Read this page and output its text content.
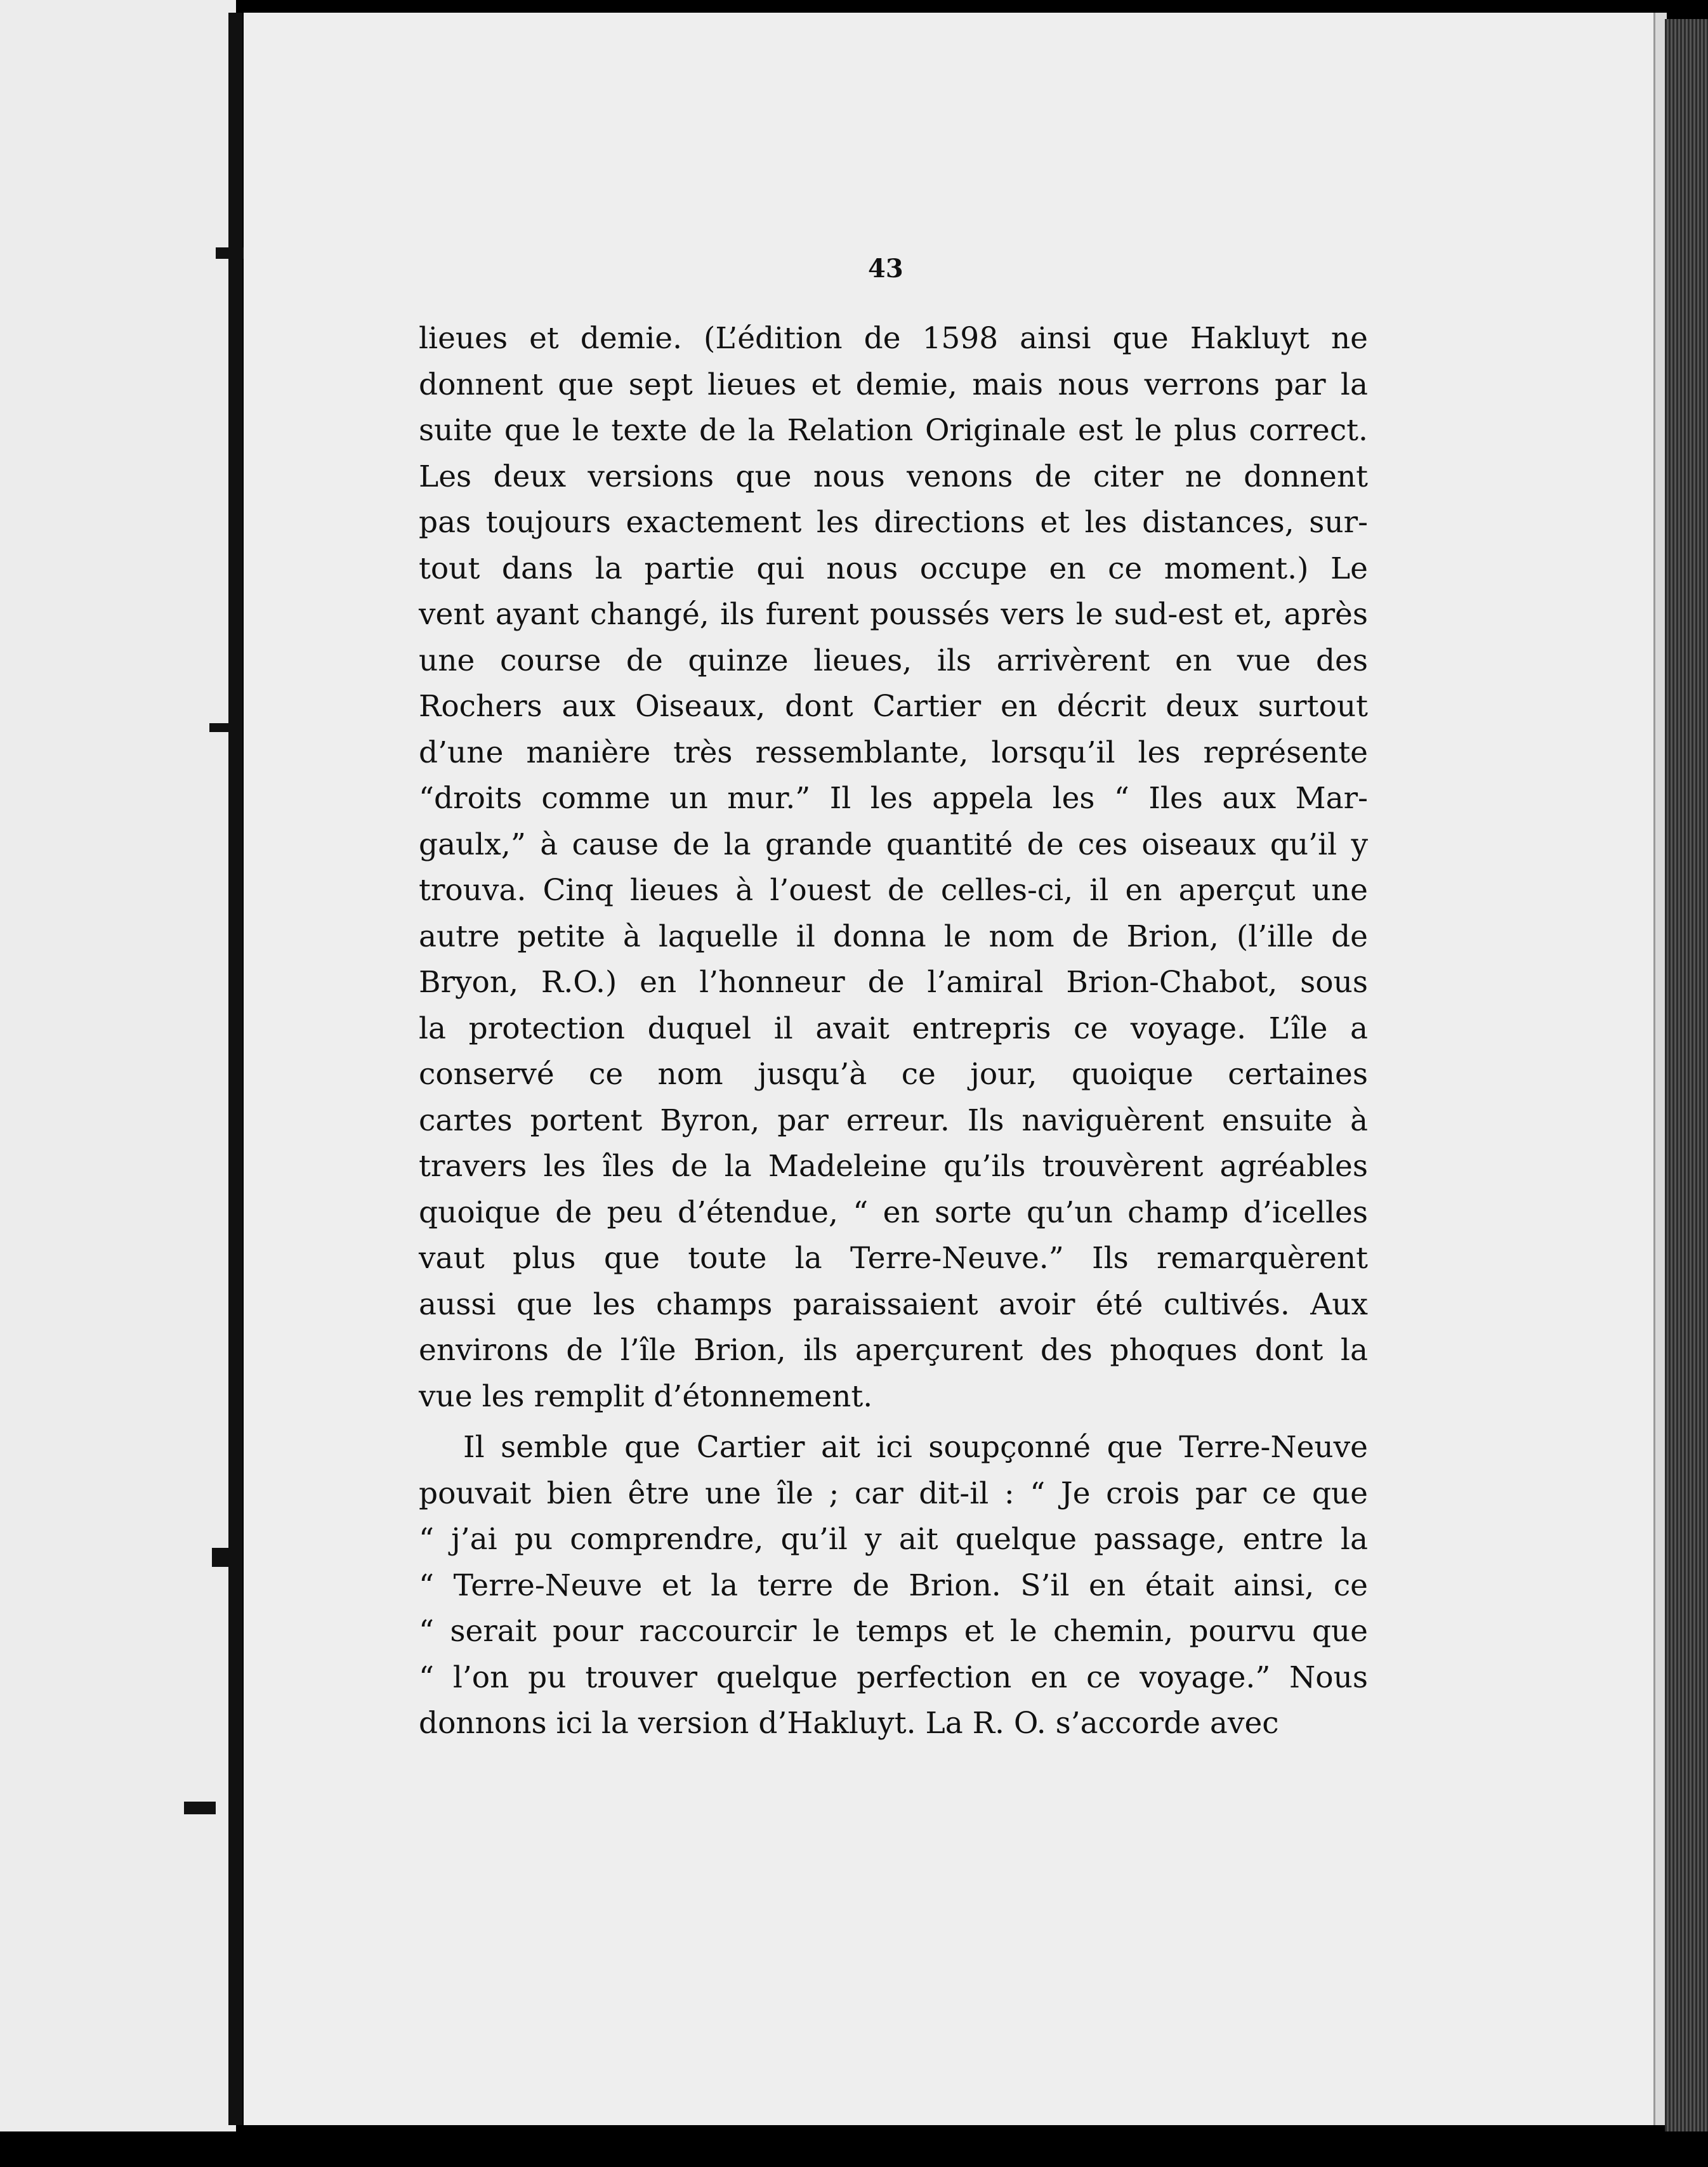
43
lieues et demie. (L’édition de 1598 ainsi que Hakluyt ne
donnent que sept lieues et demie, mais nous verrons par la
suite que le texte de la Relation Originale est le plus correct.
Les deux versions que nous venons de citer ne donnent
pas toujours exactement les directions et les distances, sur-
tout dans la partie qui nous occupe en ce moment.) Le
vent ayant changé, ils furent poussés vers le sud-est et, après
une course de quinze lieues, ils arrivèrent en vue des
Rochers aux Oiseaux, dont Cartier en décrit deux surtout
d’une manière très ressemblante, lorsqu’il les représente
“droits comme un mur.” Il les appela les “ Iles aux Mar-
gaulx,” à cause de la grande quantité de ces oiseaux qu’il y
trouva. Cinq lieues à l’ouest de celles-ci, il en aperçut une
autre petite à laquelle il donna le nom de Brion, (l’ille de
Bryon, R.O.) en l’honneur de l’amiral Brion-Chabot, sous
la protection duquel il avait entrepris ce voyage. L’île a
conservé ce nom jusqu’à ce jour, quoique certaines
cartes portent Byron, par erreur. Ils naviguèrent ensuite à
travers les îles de la Madeleine qu’ils trouvèrent agréables
quoique de peu d’étendue, “ en sorte qu’un champ d’icelles
vaut plus que toute la Terre-Neuve.” Ils remarquèrent
aussi que les champs paraissaient avoir été cultivés. Aux
environs de l’île Brion, ils aperçurent des phoques dont la
vue les remplit d’étonnement.
Il semble que Cartier ait ici soupçonné que Terre-Neuve
pouvait bien être une île ; car dit-il : “ Je crois par ce que
“ j’ai pu comprendre, qu’il y ait quelque passage, entre la
“ Terre-Neuve et la terre de Brion. S’il en était ainsi, ce
“ serait pour raccourcir le temps et le chemin, pourvu que
“ l’on pu trouver quelque perfection en ce voyage.” Nous
donnons ici la version d’Hakluyt. La R. O. s’accorde avec
